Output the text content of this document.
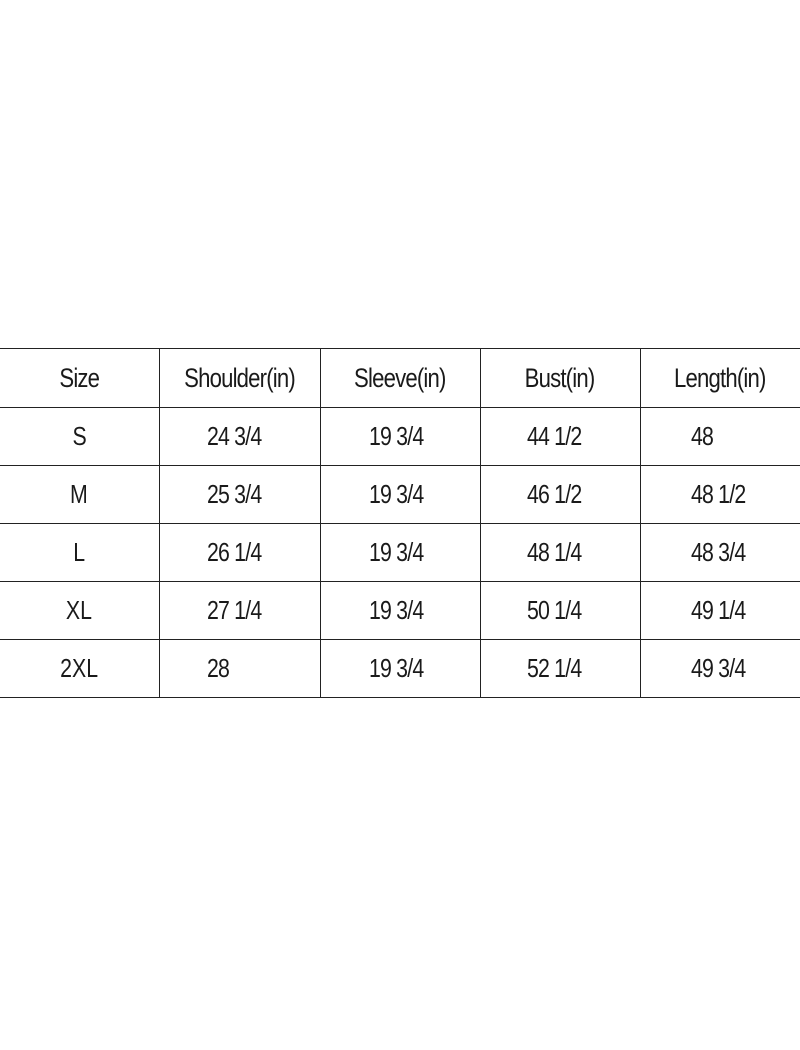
Size	Shoulder(in)	Sleeve(in)	Bust(in)	Length(in)
S	24 3/4	19 3/4	44 1/2	48
M	25 3/4	19 3/4	46 1/2	48 1/2
L	26 1/4	19 3/4	48 1/4	48 3/4
XL	27 1/4	19 3/4	50 1/4	49 1/4
2XL	28	19 3/4	52 1/4	49 3/4
